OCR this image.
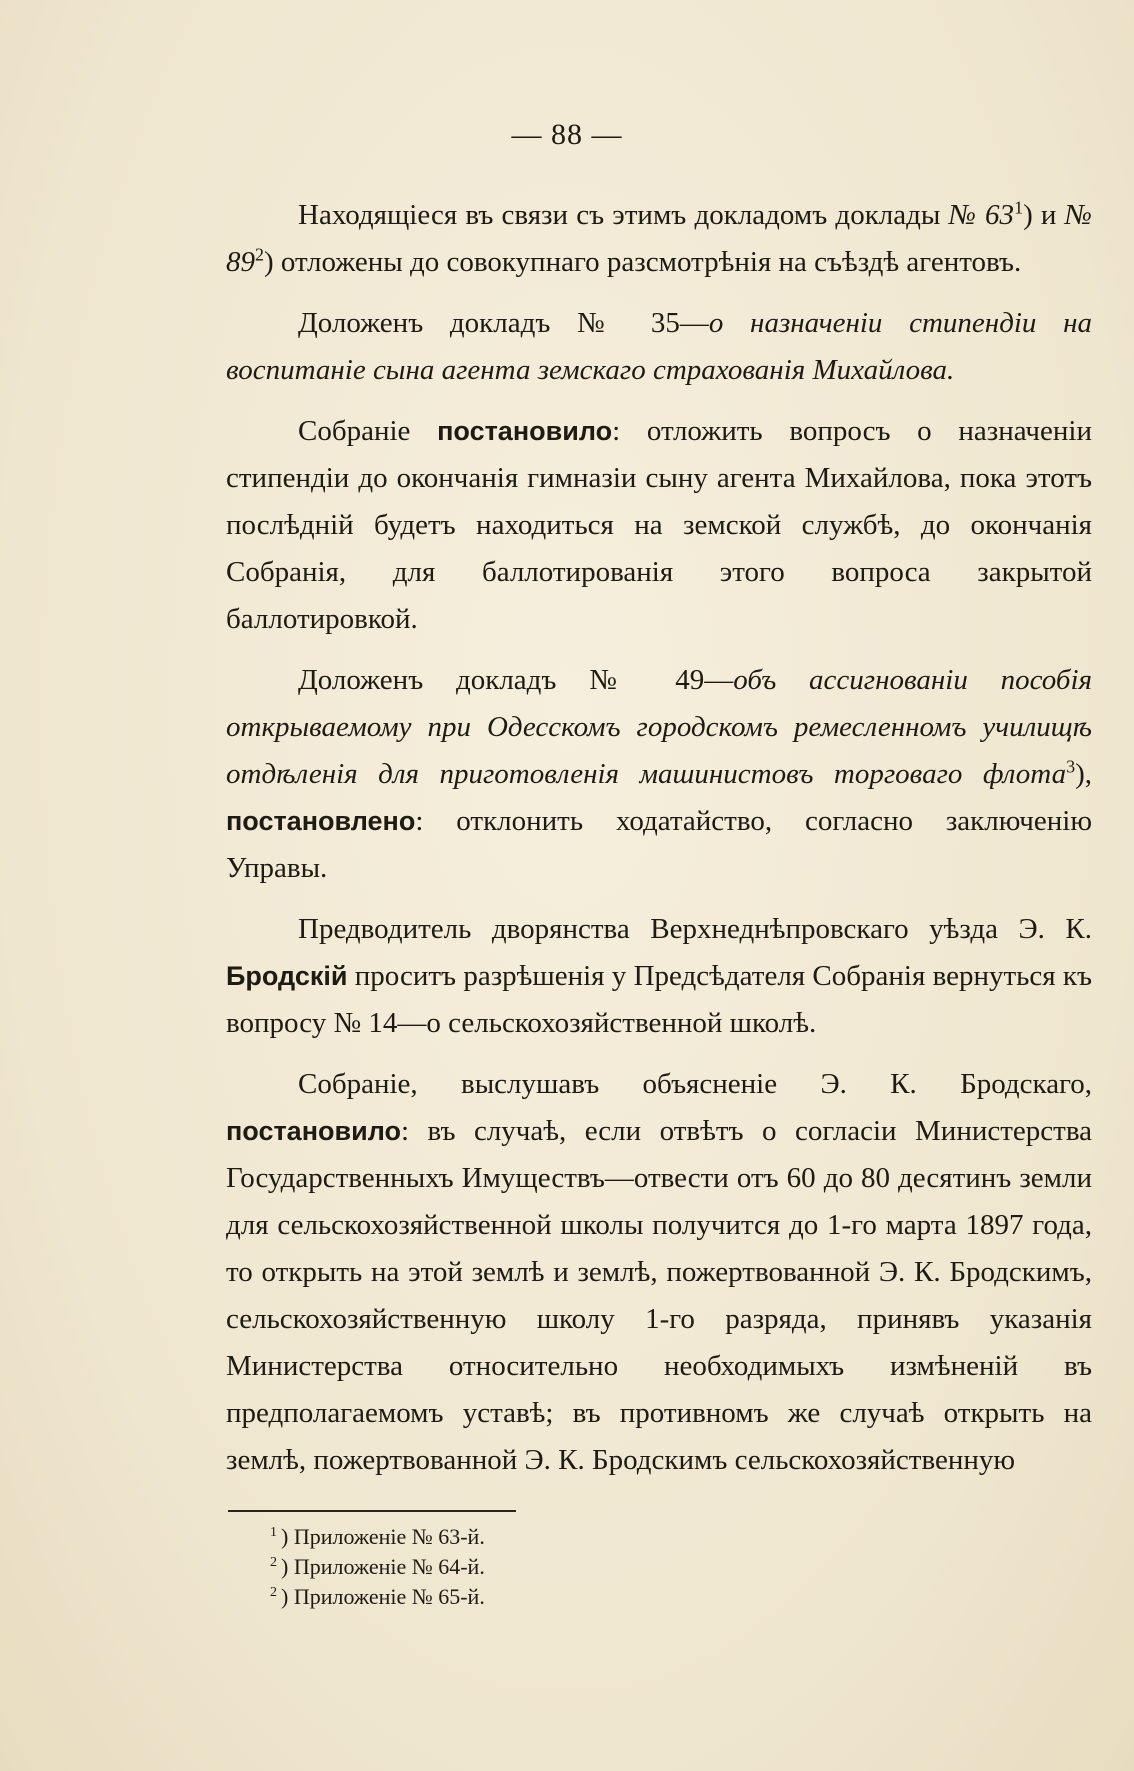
— 88 —

Находящіеся въ связи съ этимъ докладомъ доклады № $63^1$) и № $89^2$) отложены до совокупнаго разсмотрѣнія на съѣздѣ агентовъ.

Доложенъ докладъ № 35—о назначеніи стипендіи на воспитаніе сына агента земскаго страхованія Михайлова.

Собраніе постановило: отложить вопросъ о назначеніи стипендіи до окончанія гимназіи сыну агента Михайлова, пока этотъ послѣдній будетъ находиться на земской службѣ, до окончанія Собранія, для баллотированія этого вопроса закрытой баллотировкой.

Доложенъ докладъ № 49—объ ассигнованіи пособія открываемому при Одесскомъ городскомъ ремесленномъ училищѣ отдѣленія для приготовленія машинистовъ торговаго флота$^3$), постановлено: отклонить ходатайство, согласно заключенію Управы.

Предводитель дворянства Верхнеднѣпровскаго уѣзда Э. К. Бродскій проситъ разрѣшенія у Предсѣдателя Собранія вернуться къ вопросу № 14—о сельскохозяйственной школѣ.

Собраніе, выслушавъ объясненіе Э. К. Бродскаго, постановило: въ случаѣ, если отвѣтъ о согласіи Министерства Государственныхъ Имуществъ—отвести отъ 60 до 80 десятинъ земли для сельскохозяйственной школы получится до 1-го марта 1897 года, то открыть на этой землѣ и землѣ, пожертвованной Э. К. Бродскимъ, сельскохозяйственную школу 1-го разряда, принявъ указанія Министерства относительно необходимыхъ измѣненій въ предполагаемомъ уставѣ; въ противномъ же случаѣ открыть на землѣ, пожертвованной Э. К. Бродскимъ сельскохозяйственную

$^1$ ) Приложеніе № 63-й.
$^2$ ) Приложеніе № 64-й.
$^2$ ) Приложеніе № 65-й.
